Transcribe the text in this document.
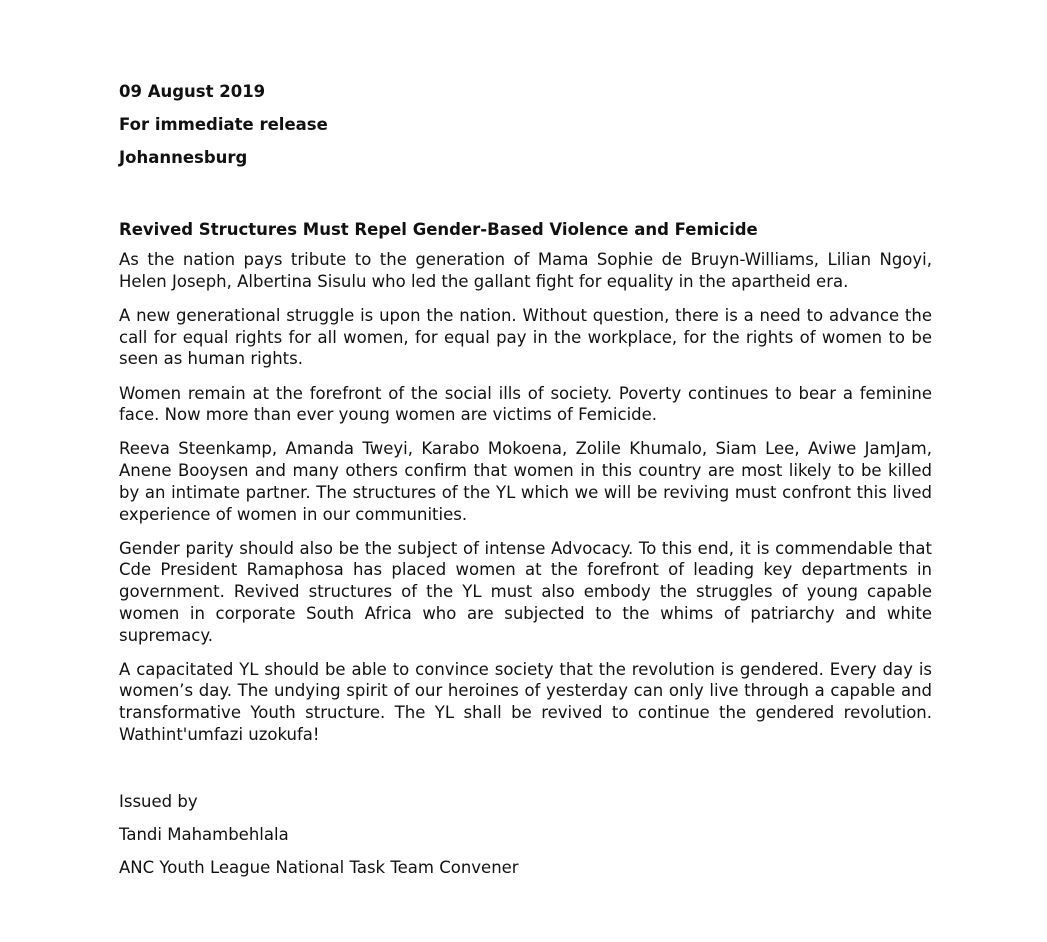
09 August 2019
For immediate release
Johannesburg
Revived Structures Must Repel Gender-Based Violence and Femicide

As the nation pays tribute to the generation of Mama Sophie de Bruyn-Williams, Lilian Ngoyi, Helen Joseph, Albertina Sisulu who led the gallant fight for equality in the apartheid era.

A new generational struggle is upon the nation. Without question, there is a need to advance the call for equal rights for all women, for equal pay in the workplace, for the rights of women to be seen as human rights.

Women remain at the forefront of the social ills of society. Poverty continues to bear a feminine face. Now more than ever young women are victims of Femicide.

Reeva Steenkamp, Amanda Tweyi, Karabo Mokoena, Zolile Khumalo, Siam Lee, Aviwe JamJam, Anene Booysen and many others confirm that women in this country are most likely to be killed by an intimate partner. The structures of the YL which we will be reviving must confront this lived experience of women in our communities.

Gender parity should also be the subject of intense Advocacy. To this end, it is commendable that Cde President Ramaphosa has placed women at the forefront of leading key departments in government. Revived structures of the YL must also embody the struggles of young capable women in corporate South Africa who are subjected to the whims of patriarchy and white supremacy.

A capacitated YL should be able to convince society that the revolution is gendered. Every day is women’s day. The undying spirit of our heroines of yesterday can only live through a capable and transformative Youth structure. The YL shall be revived to continue the gendered revolution. Wathint'umfazi uzokufa!

Issued by
Tandi Mahambehlala
ANC Youth League National Task Team Convener
